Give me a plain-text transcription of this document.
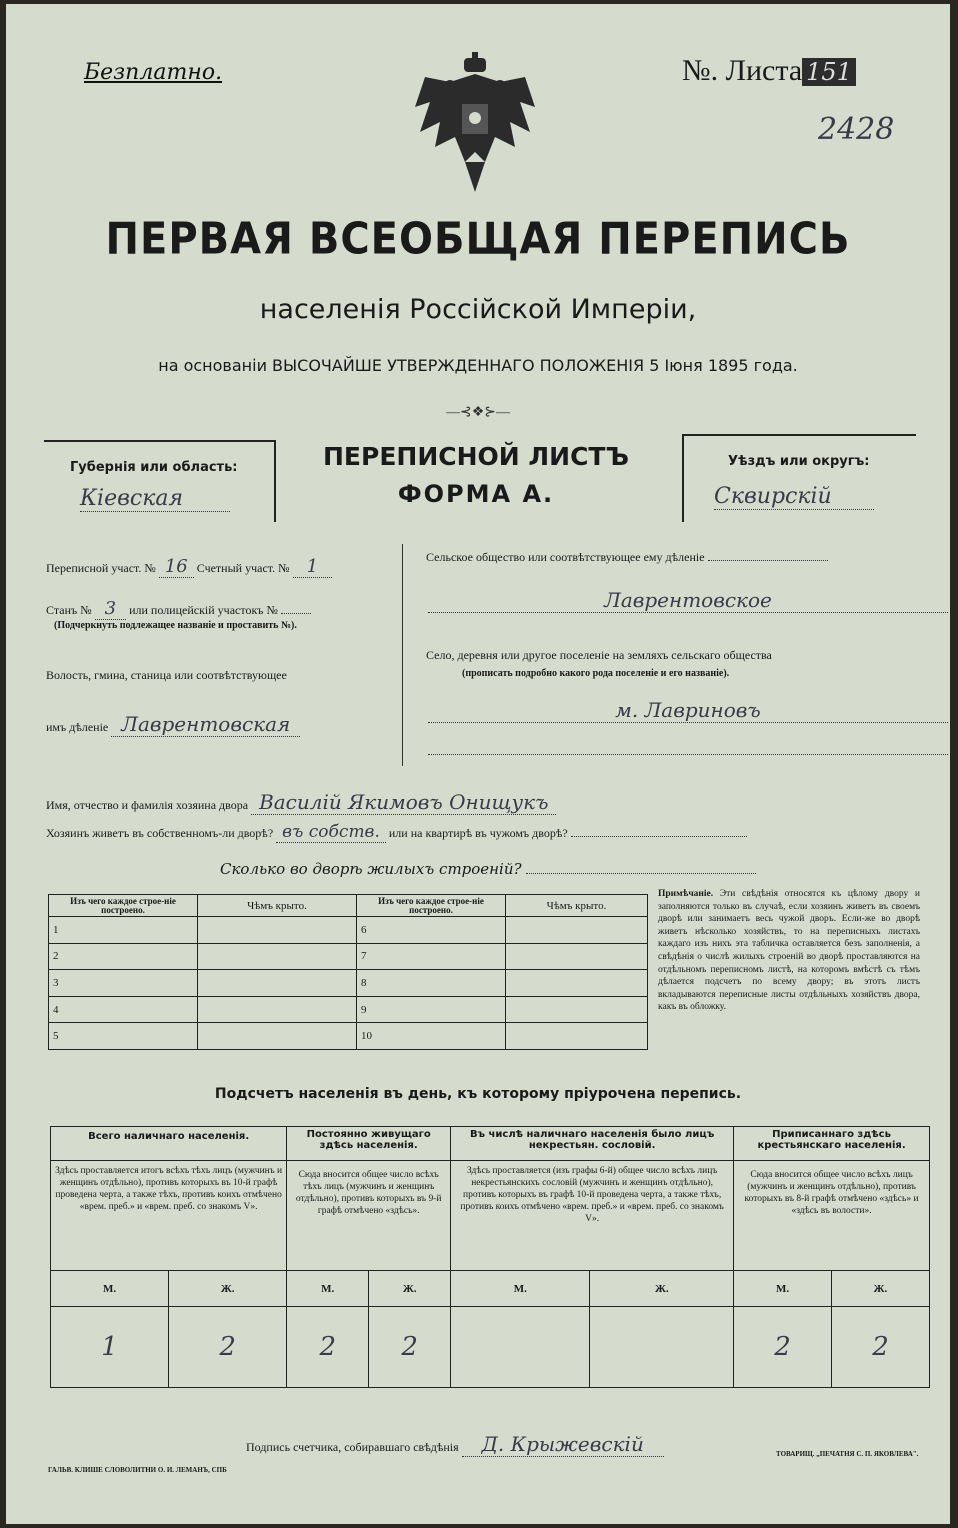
Безплатно.	№. Листа 151
2428
ПЕРВАЯ ВСЕОБЩАЯ ПЕРЕПИСЬ
населенія Россійской Имперіи,
на основаніи ВЫСОЧАЙШЕ УТВЕРЖДЕННАГО ПОЛОЖЕНІЯ 5 Іюня 1895 года.
—⊰❖⊱—
Губернія или область:
Кіевская
ПЕРЕПИСНОЙ ЛИСТЪ
ФОРМА А.
Уѣздъ или округъ:
Сквирскій
Переписной участ. № 16 Счетный участ. № 1
Станъ № 3 или полицейскій участокъ №
(Подчеркнуть подлежащее названіе и проставить №).
Волость, гмина, станица или соотвѣтствующее
имъ дѣленіе Лаврентовская
Сельское общество или соотвѣтствующее ему дѣленіе
Лаврентовское
Село, деревня или другое поселеніе на земляхъ сельскаго общества
(прописать подробно какого рода поселеніе и его названіе).
м. Лавриновъ
Имя, отчество и фамилія хозяина двора Василій Якимовъ Онищукъ
Хозяинъ живетъ въ собственномъ-ли дворѣ? въ собств. или на квартирѣ въ чужомъ дворѣ?
Сколько во дворѣ жилыхъ строеній?
Изъ чего каждое строе-ніе построено.	Чѣмъ крыто.	Изъ чего каждое строе-ніе построено.	Чѣмъ крыто.
1		6	
2		7	
3		8	
4		9	
5		10	
Примѣчаніе. Эти свѣдѣнія относятся къ цѣлому двору и заполняются только въ случаѣ, если хозяинъ живетъ въ своемъ дворѣ или занимаетъ весь чужой дворъ. Если-же во дворѣ живетъ нѣсколько хозяйствъ, то на переписныхъ листахъ каждаго изъ нихъ эта табличка оставляется безъ заполненія, а свѣдѣнія о числѣ жилыхъ строеній во дворѣ проставляются на отдѣльномъ переписномъ листѣ, на которомъ вмѣстѣ съ тѣмъ дѣлается подсчетъ по всему двору; въ этотъ листъ вкладываются переписные листы отдѣльныхъ хозяйствъ двора, какъ въ обложку.
Подсчетъ населенія въ день, къ которому пріурочена перепись.
Всего наличнаго населенія.		Постоянно живущаго здѣсь населенія.		Въ числѣ наличнаго населенія было лицъ некрестьян. сословій.		Приписаннаго здѣсь крестьянскаго населенія.	
Здѣсь проставляется итогъ всѣхъ тѣхъ лицъ (мужчинъ и женщинъ отдѣльно), противъ которыхъ въ 10-й графѣ проведена черта, а также тѣхъ, противъ коихъ отмѣчено «врем. преб.» и «врем. преб. со знакомъ V».		Сюда вносится общее число всѣхъ тѣхъ лицъ (мужчинъ и женщинъ отдѣльно), противъ которыхъ въ 9-й графѣ отмѣчено «здѣсь».		Здѣсь проставляется (изъ графы 6-й) общее число всѣхъ лицъ некрестьянскихъ сословій (мужчинъ и женщинъ отдѣльно), противъ которыхъ въ графѣ 10-й проведена черта, а также тѣхъ, противъ коихъ отмѣчено «врем. преб.» и «врем. преб. со знакомъ V».		Сюда вносится общее число всѣхъ лицъ (мужчинъ и женщинъ отдѣльно), противъ которыхъ въ 8-й графѣ отмѣчено «здѣсь» и «здѣсь въ волости».	
М.	Ж.	М.	Ж.	М.	Ж.	М.	Ж.
1	2	2	2			2	2
Подпись счетчика, собиравшаго свѣдѣнія Д. Крыжевскій
ГАЛЬВ. КЛИШЕ СЛОВОЛИТНИ О. И. ЛЕМАНЪ, СПБ
ТОВАРИЩ. „ПЕЧАТНЯ С. П. ЯКОВЛЕВА".
